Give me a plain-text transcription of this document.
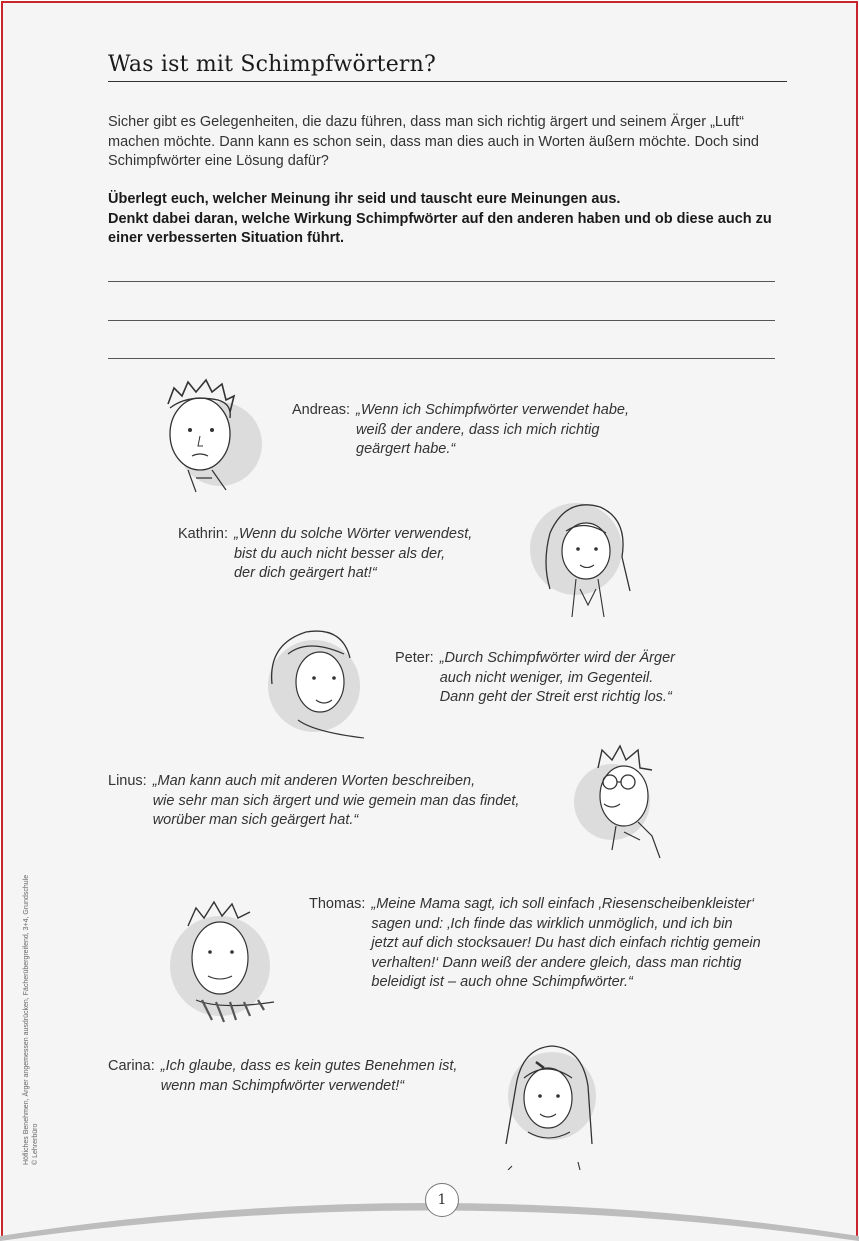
Was ist mit Schimpfwörtern?
Sicher gibt es Gelegenheiten, die dazu führen, dass man sich richtig ärgert und seinem Ärger „Luft“ machen möchte. Dann kann es schon sein, dass man dies auch in Worten äußern möchte. Doch sind Schimpfwörter eine Lösung dafür?
Überlegt euch, welcher Meinung ihr seid und tauscht eure Meinungen aus.
Denkt dabei daran, welche Wirkung Schimpfwörter auf den anderen haben und ob diese auch zu einer verbesserten Situation führt.
Andreas: „Wenn ich Schimpfwörter verwendet habe,
weiß der andere, dass ich mich richtig
geärgert habe.“
Kathrin: „Wenn du solche Wörter verwendest,
bist du auch nicht besser als der,
der dich geärgert hat!“
Peter: „Durch Schimpfwörter wird der Ärger
auch nicht weniger, im Gegenteil.
Dann geht der Streit erst richtig los.“
Linus: „Man kann auch mit anderen Worten beschreiben,
wie sehr man sich ärgert und wie gemein man das findet,
worüber man sich geärgert hat.“
Thomas: „Meine Mama sagt, ich soll einfach ‚Riesenscheibenkleister‘
sagen und: ‚Ich finde das wirklich unmöglich, und ich bin
jetzt auf dich stocksauer! Du hast dich einfach richtig gemein
verhalten!‘ Dann weiß der andere gleich, dass man richtig
beleidigt ist – auch ohne Schimpfwörter.“
Carina: „Ich glaube, dass es kein gutes Benehmen ist,
wenn man Schimpfwörter verwendet!“
Höfliches Benehmen, Ärger angemessen ausdrücken, Fächerübergreifend, 3+4, Grundschule © Lehrerbüro
1
